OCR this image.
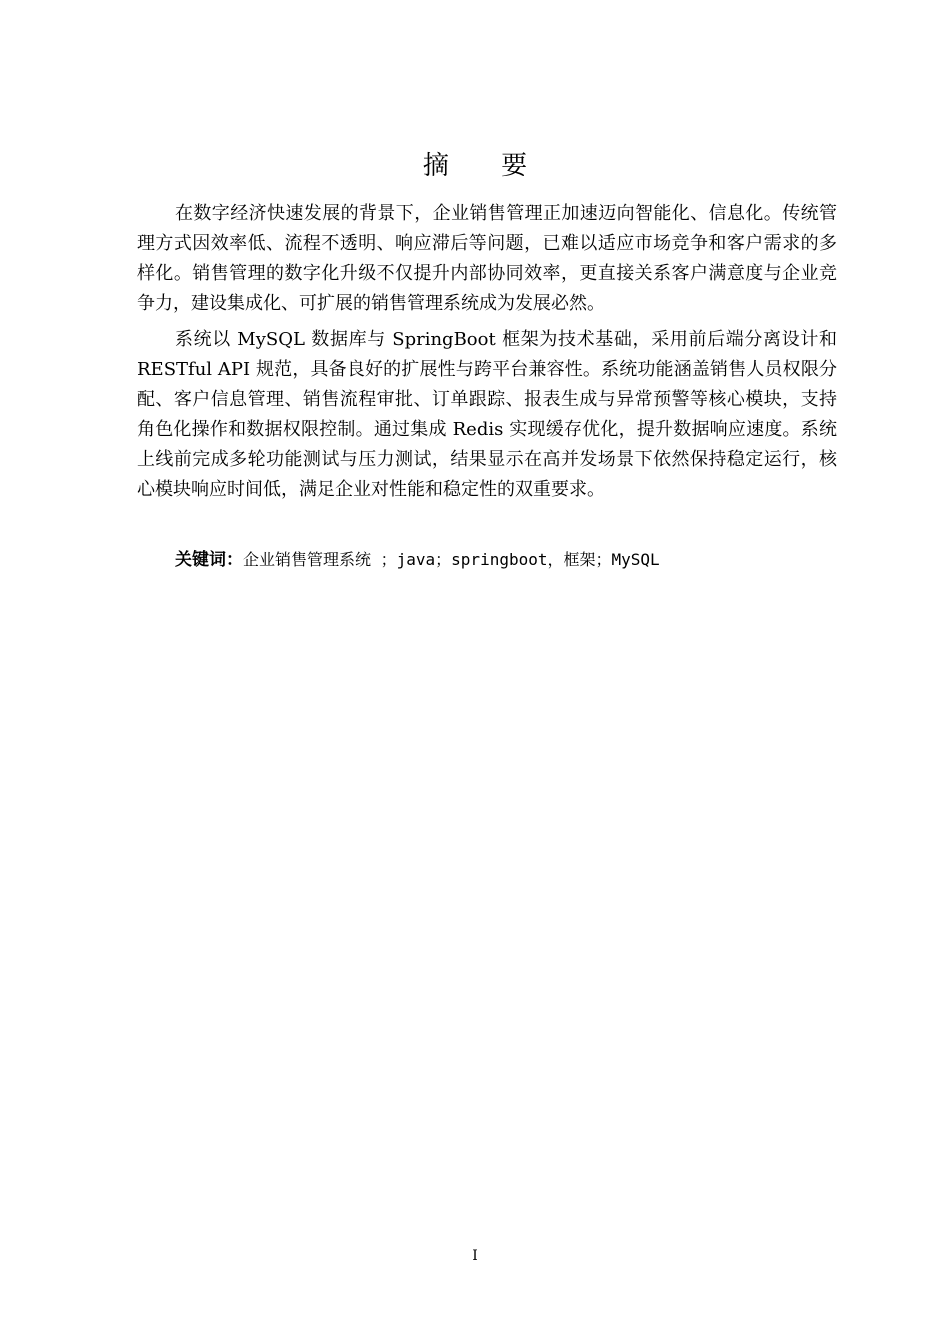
摘 要

在数字经济快速发展的背景下，企业销售管理正加速迈向智能化、信息化。传统管理方式因效率低、流程不透明、响应滞后等问题，已难以适应市场竞争和客户需求的多样化。销售管理的数字化升级不仅提升内部协同效率，更直接关系客户满意度与企业竞争力，建设集成化、可扩展的销售管理系统成为发展必然。

系统以 MySQL 数据库与 SpringBoot 框架为技术基础，采用前后端分离设计和 RESTful API 规范，具备良好的扩展性与跨平台兼容性。系统功能涵盖销售人员权限分配、客户信息管理、销售流程审批、订单跟踪、报表生成与异常预警等核心模块，支持角色化操作和数据权限控制。通过集成 Redis 实现缓存优化，提升数据响应速度。系统上线前完成多轮功能测试与压力测试，结果显示在高并发场景下依然保持稳定运行，核心模块响应时间低，满足企业对性能和稳定性的双重要求。

关键词：企业销售管理系统 ；java；springboot，框架；MySQL

I
